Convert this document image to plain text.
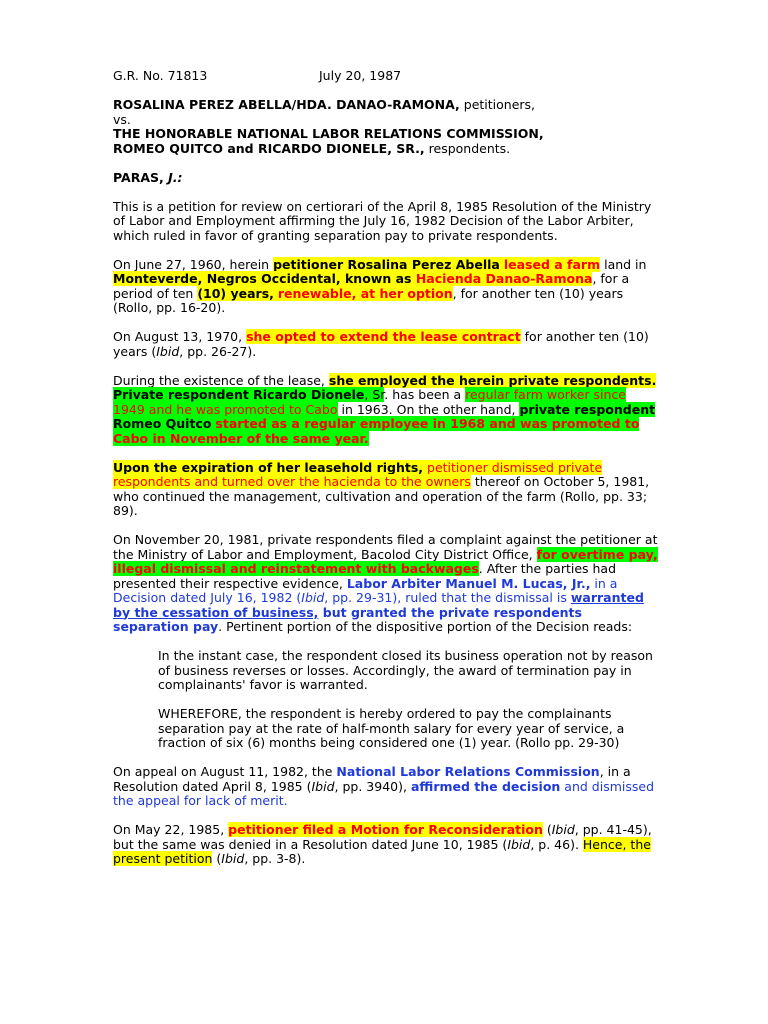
G.R. No. 71813	July 20, 1987

ROSALINA PEREZ ABELLA/HDA. DANAO-RAMONA, petitioners,
vs.
THE HONORABLE NATIONAL LABOR RELATIONS COMMISSION,
ROMEO QUITCO and RICARDO DIONELE, SR., respondents.

PARAS, J.:

This is a petition for review on certiorari of the April 8, 1985 Resolution of the Ministry of Labor and Employment affirming the July 16, 1982 Decision of the Labor Arbiter, which ruled in favor of granting separation pay to private respondents.

On June 27, 1960, herein petitioner Rosalina Perez Abella leased a farm land in Monteverde, Negros Occidental, known as Hacienda Danao-Ramona, for a period of ten (10) years, renewable, at her option, for another ten (10) years (Rollo, pp. 16-20).

On August 13, 1970, she opted to extend the lease contract for another ten (10) years (Ibid, pp. 26-27).

During the existence of the lease, she employed the herein private respondents. Private respondent Ricardo Dionele, Sr. has been a regular farm worker since 1949 and he was promoted to Cabo in 1963. On the other hand, private respondent Romeo Quitco started as a regular employee in 1968 and was promoted to Cabo in November of the same year.

Upon the expiration of her leasehold rights, petitioner dismissed private respondents and turned over the hacienda to the owners thereof on October 5, 1981, who continued the management, cultivation and operation of the farm (Rollo, pp. 33; 89).

On November 20, 1981, private respondents filed a complaint against the petitioner at the Ministry of Labor and Employment, Bacolod City District Office, for overtime pay, illegal dismissal and reinstatement with backwages. After the parties had presented their respective evidence, Labor Arbiter Manuel M. Lucas, Jr., in a Decision dated July 16, 1982 (Ibid, pp. 29-31), ruled that the dismissal is warranted by the cessation of business, but granted the private respondents separation pay. Pertinent portion of the dispositive portion of the Decision reads:

In the instant case, the respondent closed its business operation not by reason of business reverses or losses. Accordingly, the award of termination pay in complainants' favor is warranted.

WHEREFORE, the respondent is hereby ordered to pay the complainants separation pay at the rate of half-month salary for every year of service, a fraction of six (6) months being considered one (1) year. (Rollo pp. 29-30)

On appeal on August 11, 1982, the National Labor Relations Commission, in a Resolution dated April 8, 1985 (Ibid, pp. 3940), affirmed the decision and dismissed the appeal for lack of merit.

On May 22, 1985, petitioner filed a Motion for Reconsideration (Ibid, pp. 41-45), but the same was denied in a Resolution dated June 10, 1985 (Ibid, p. 46). Hence, the present petition (Ibid, pp. 3-8).
